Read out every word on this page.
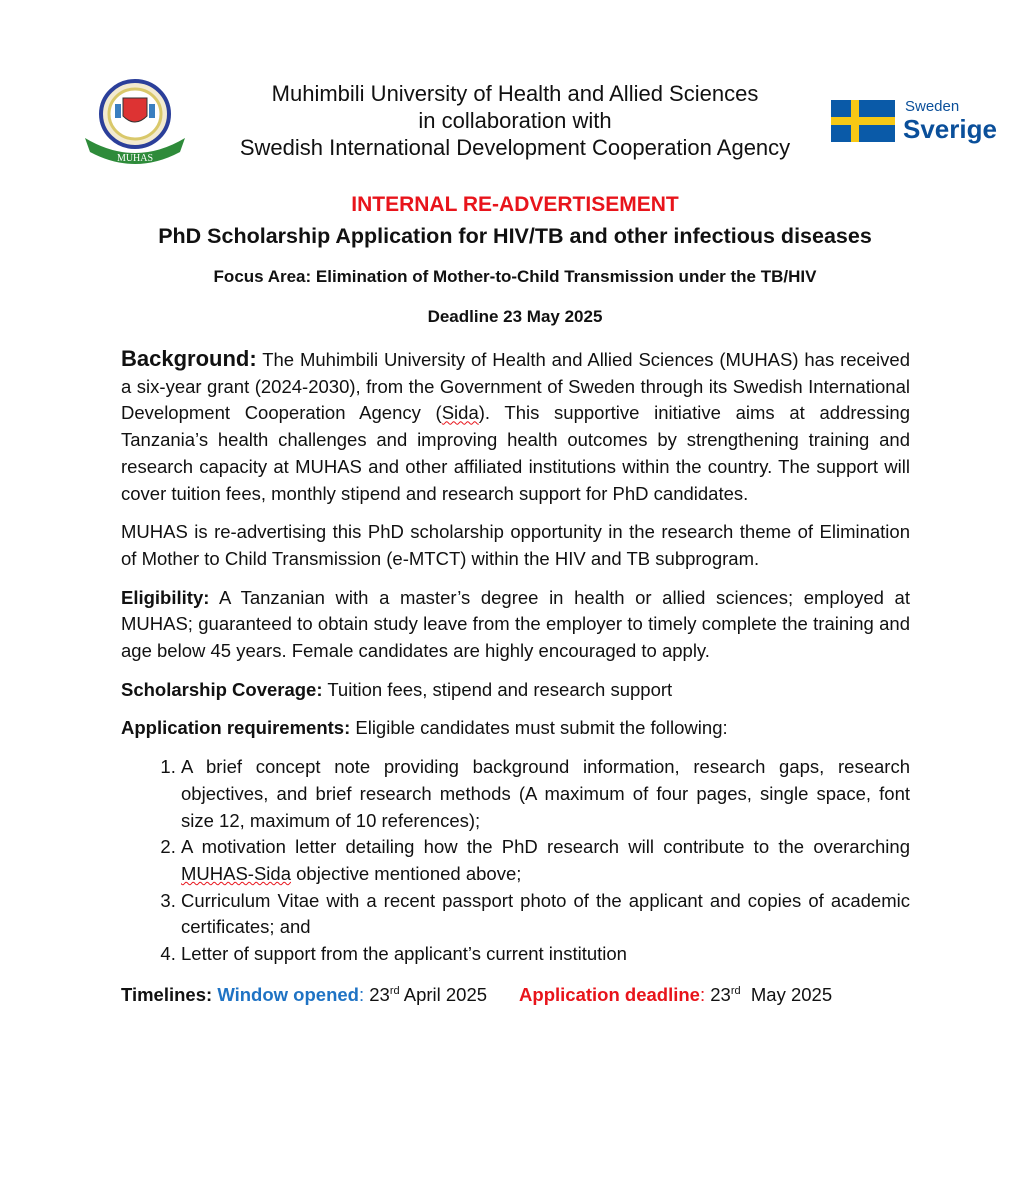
MUHAS
Sweden
Sverige
Muhimbili University of Health and Allied Sciences
in collaboration with
Swedish International Development Cooperation Agency
INTERNAL RE-ADVERTISEMENT
PhD Scholarship Application for HIV/TB and other infectious diseases
Focus Area: Elimination of Mother-to-Child Transmission under the TB/HIV
Deadline 23 May 2025

Background: The Muhimbili University of Health and Allied Sciences (MUHAS) has received a six-year grant (2024-2030), from the Government of Sweden through its Swedish International Development Cooperation Agency (Sida). This supportive initiative aims at addressing Tanzania’s health challenges and improving health outcomes by strengthening training and research capacity at MUHAS and other affiliated institutions within the country. The support will cover tuition fees, monthly stipend and research support for PhD candidates.

MUHAS is re-advertising this PhD scholarship opportunity in the research theme of Elimination of Mother to Child Transmission (e-MTCT) within the HIV and TB subprogram.

Eligibility: A Tanzanian with a master’s degree in health or allied sciences; employed at MUHAS; guaranteed to obtain study leave from the employer to timely complete the training and age below 45 years. Female candidates are highly encouraged to apply.

Scholarship Coverage: Tuition fees, stipend and research support

Application requirements: Eligible candidates must submit the following:

1. A brief concept note providing background information, research gaps, research objectives, and brief research methods (A maximum of four pages, single space, font size 12, maximum of 10 references);
2. A motivation letter detailing how the PhD research will contribute to the overarching MUHAS-Sida objective mentioned above;
3. Curriculum Vitae with a recent passport photo of the applicant and copies of academic certificates; and
4. Letter of support from the applicant’s current institution

Timelines: Window opened: 23rd April 2025 Application deadline: 23rd  May 2025
